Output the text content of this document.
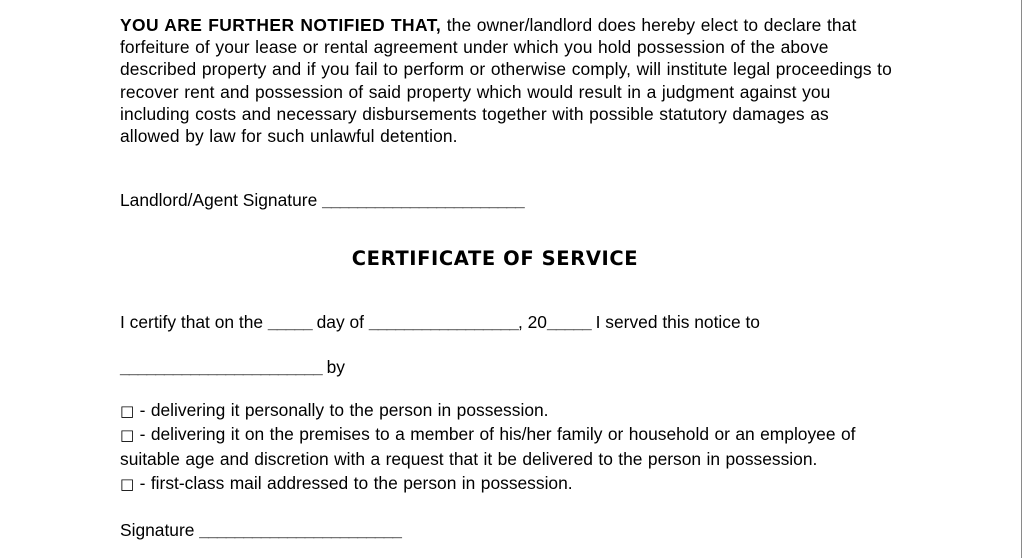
YOU ARE FURTHER NOTIFIED THAT, the owner/landlord does hereby elect to declare that forfeiture of your lease or rental agreement under which you hold possession of the above described property and if you fail to perform or otherwise comply, will institute legal proceedings to recover rent and possession of said property which would result in a judgment against you including costs and necessary disbursements together with possible statutory damages as allowed by law for such unlawful detention.

Landlord/Agent Signature _______________________

CERTIFICATE OF SERVICE

I certify that on the _____ day of _________________, 20_____ I served this notice to

_______________________ by

□ - delivering it personally to the person in possession.

□ - delivering it on the premises to a member of his/her family or household or an employee of suitable age and discretion with a request that it be delivered to the person in possession.

□ - first-class mail addressed to the person in possession.

Signature _______________________
